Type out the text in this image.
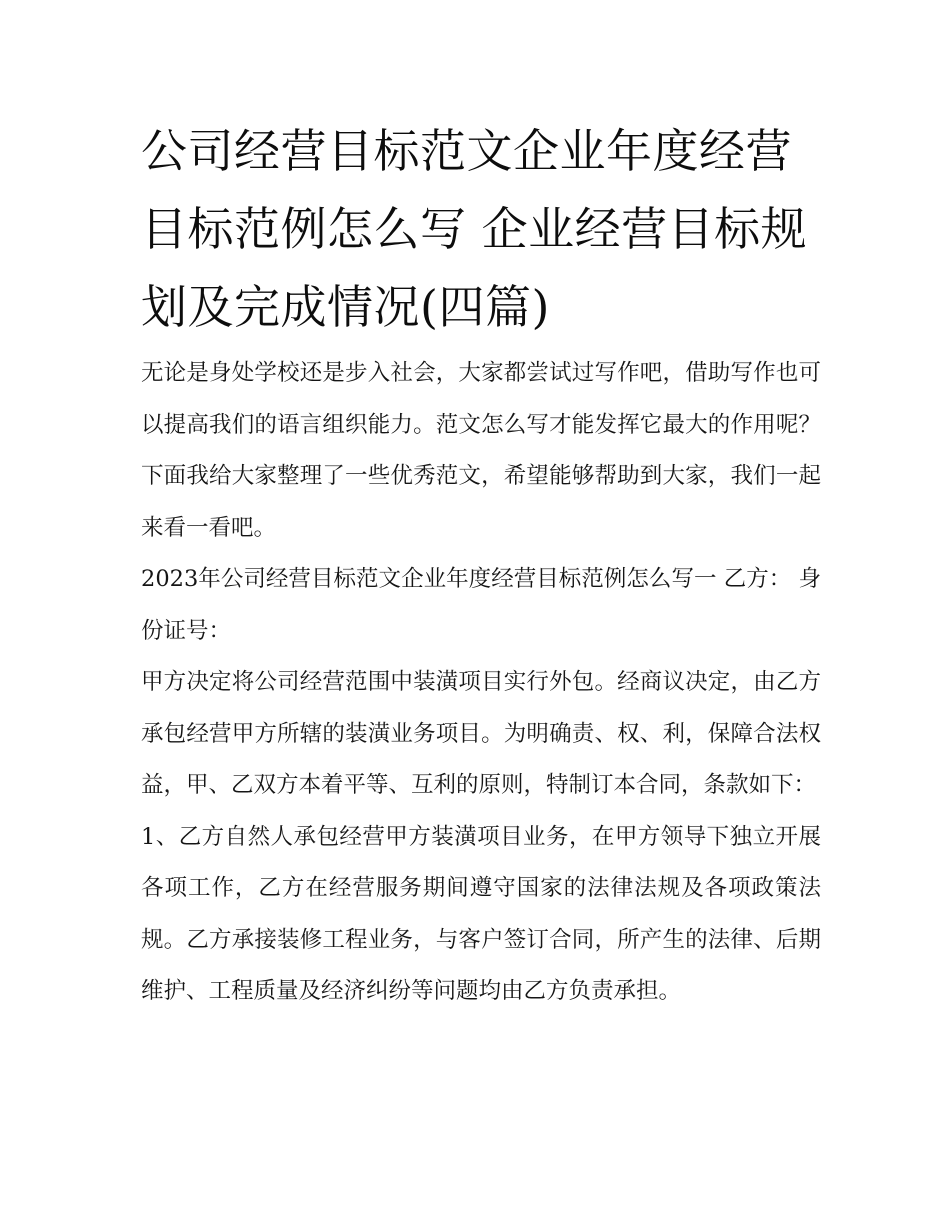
公司经营目标范文企业年度经营目标范例怎么写 企业经营目标规划及完成情况(四篇)

无论是身处学校还是步入社会，大家都尝试过写作吧，借助写作也可以提高我们的语言组织能力。范文怎么写才能发挥它最大的作用呢？下面我给大家整理了一些优秀范文，希望能够帮助到大家，我们一起来看一看吧。

2023年公司经营目标范文企业年度经营目标范例怎么写一 乙方： 身份证号：

甲方决定将公司经营范围中装潢项目实行外包。经商议决定，由乙方承包经营甲方所辖的装潢业务项目。为明确责、权、利，保障合法权益，甲、乙双方本着平等、互利的原则，特制订本合同，条款如下：

1、乙方自然人承包经营甲方装潢项目业务，在甲方领导下独立开展各项工作，乙方在经营服务期间遵守国家的法律法规及各项政策法规。乙方承接装修工程业务，与客户签订合同，所产生的法律、后期维护、工程质量及经济纠纷等问题均由乙方负责承担。
